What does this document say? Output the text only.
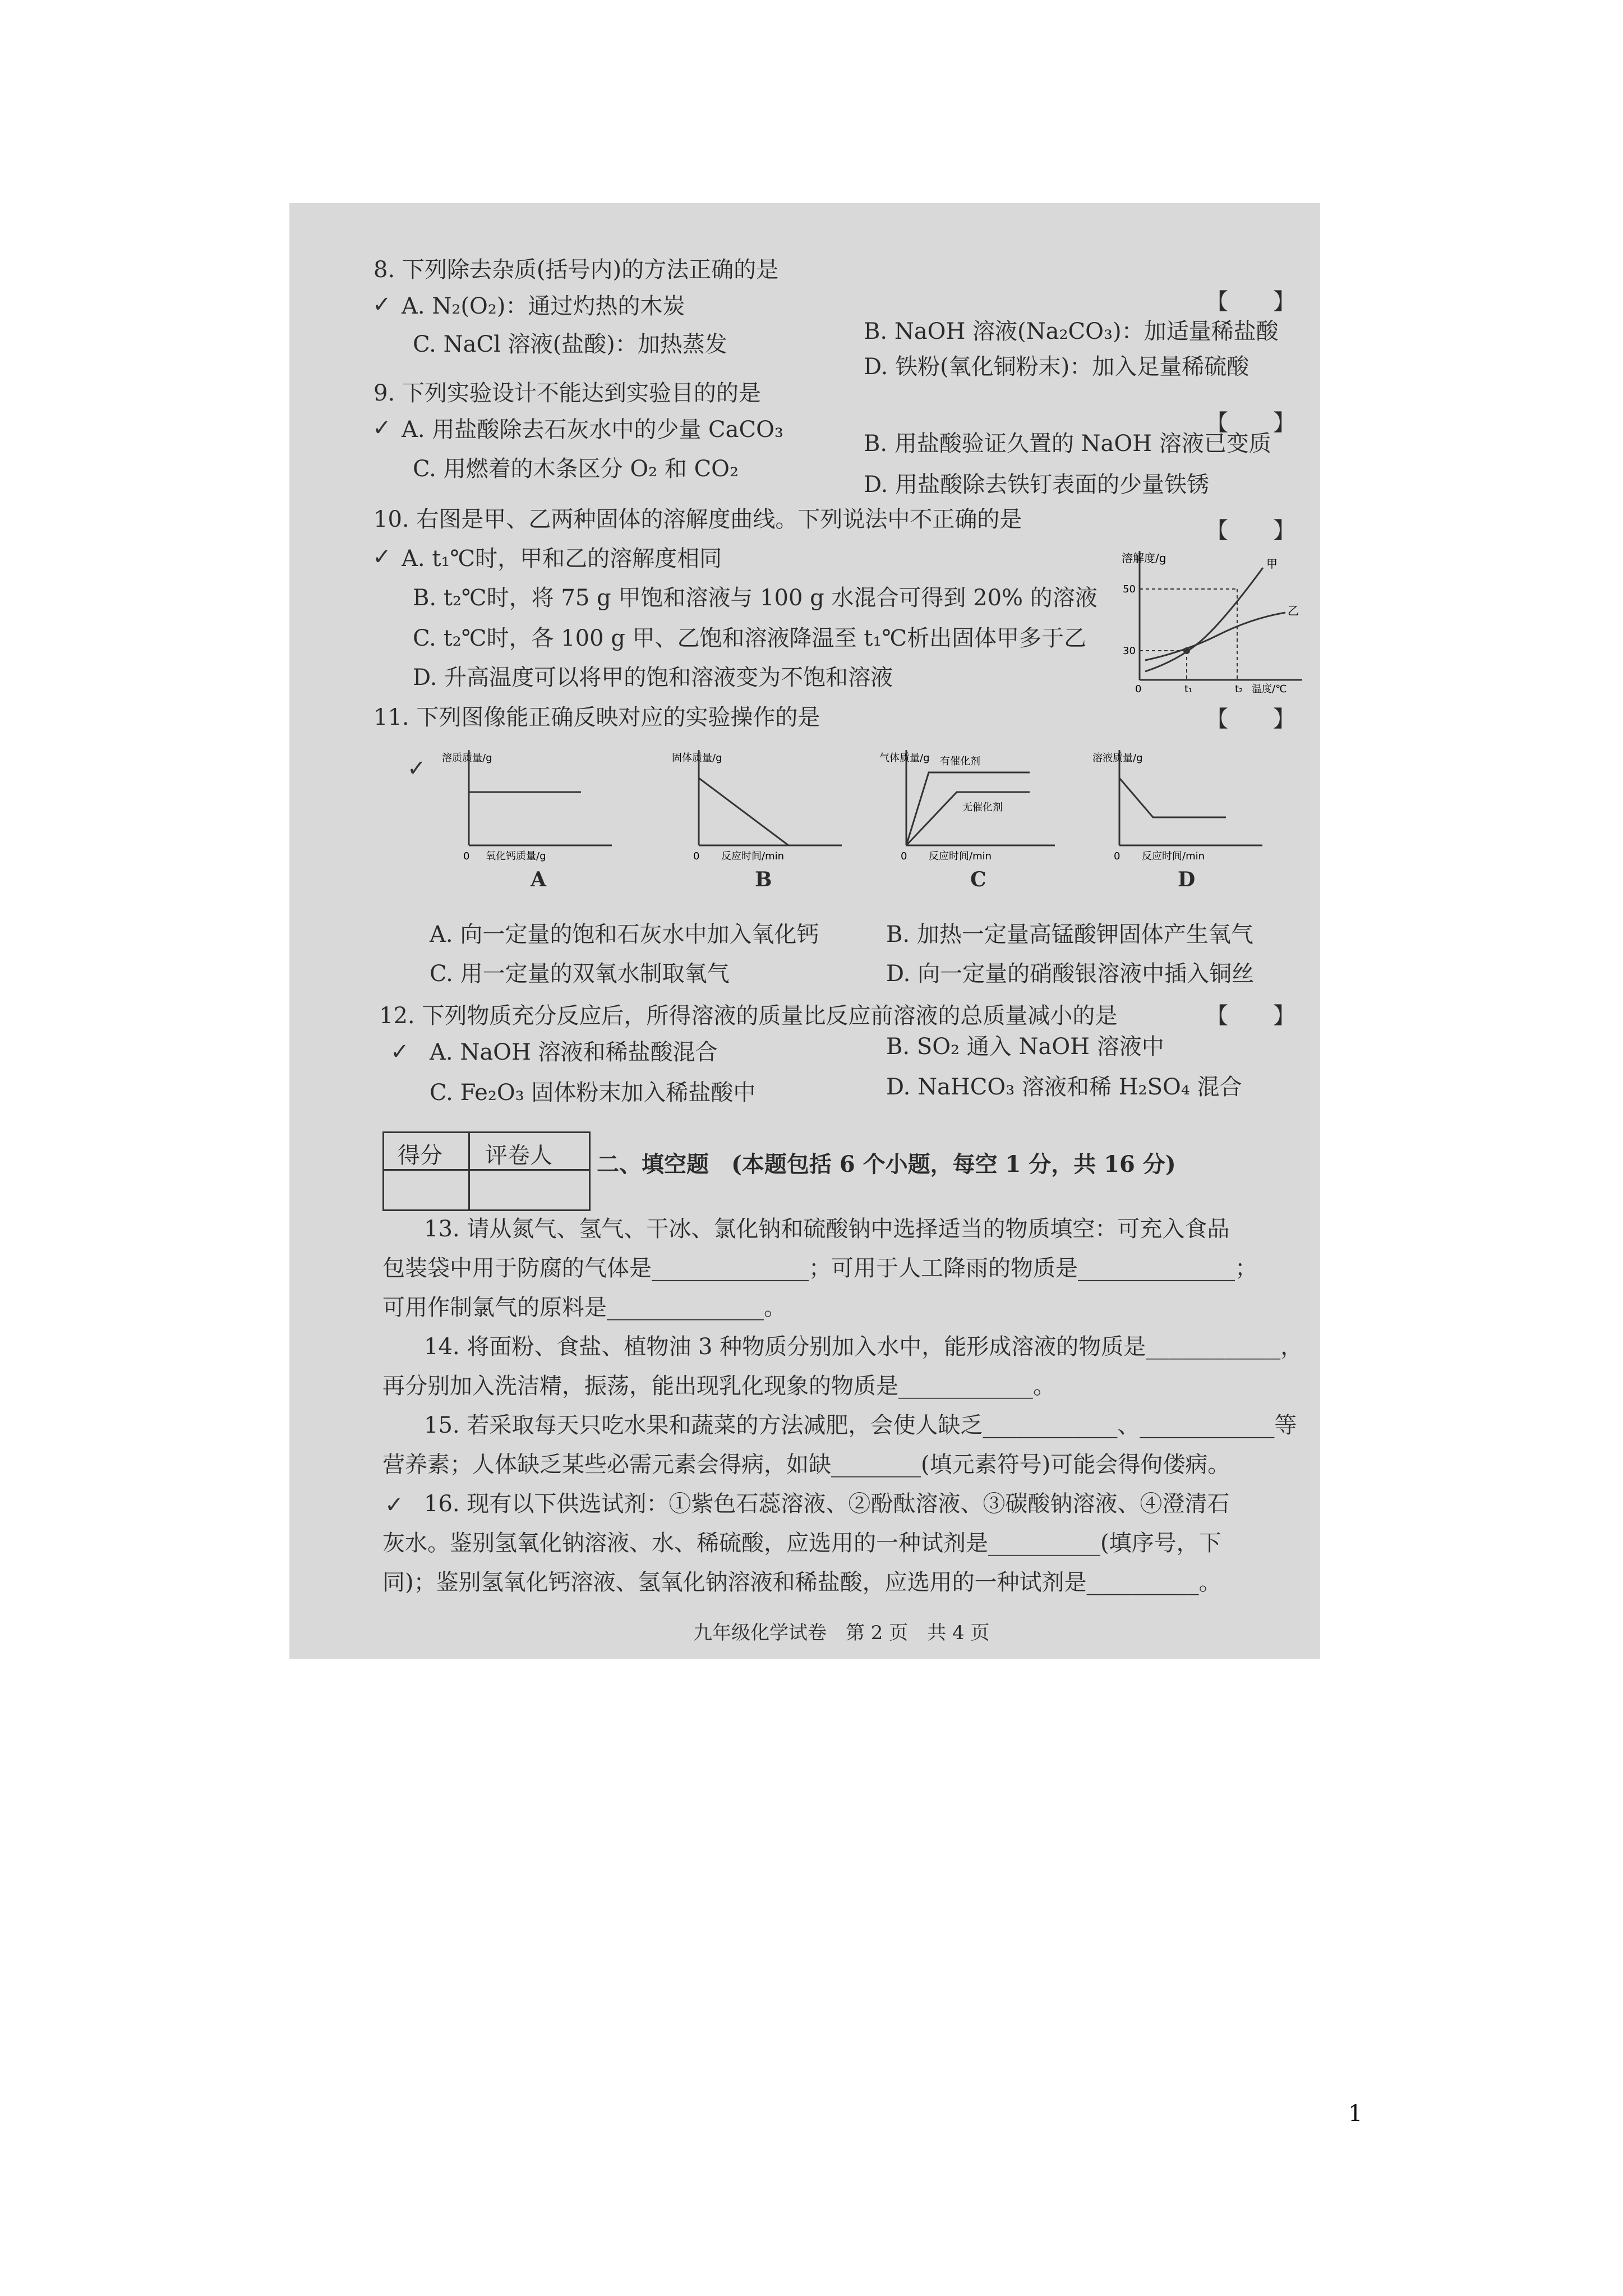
8. 下列除去杂质(括号内)的方法正确的是
【　　】
✓ A. N₂(O₂)：通过灼热的木炭
B. NaOH 溶液(Na₂CO₃)：加适量稀盐酸
C. NaCl 溶液(盐酸)：加热蒸发
D. 铁粉(氧化铜粉末)：加入足量稀硫酸
9. 下列实验设计不能达到实验目的的是
【　　】
✓ A. 用盐酸除去石灰水中的少量 CaCO₃
B. 用盐酸验证久置的 NaOH 溶液已变质
C. 用燃着的木条区分 O₂ 和 CO₂
D. 用盐酸除去铁钉表面的少量铁锈
10. 右图是甲、乙两种固体的溶解度曲线。下列说法中不正确的是	【　　】
✓ A. t₁℃时，甲和乙的溶解度相同
B. t₂℃时，将 75 g 甲饱和溶液与 100 g 水混合可得到 20% 的溶液
C. t₂℃时，各 100 g 甲、乙饱和溶液降温至 t₁℃析出固体甲多于乙
D. 升高温度可以将甲的饱和溶液变为不饱和溶液
溶解度/g
温度/℃
50
30
0	t₁	t₂
甲
乙
11. 下列图像能正确反映对应的实验操作的是	【　　】
✓ 溶质质量/g
0 氧化钙质量/g
A
固体质量/g
0 反应时间/min
B
气体质量/g 有催化剂
无催化剂
0 反应时间/min
C
溶液质量/g
0 反应时间/min
D
A. 向一定量的饱和石灰水中加入氧化钙	B. 加热一定量高锰酸钾固体产生氧气
C. 用一定量的双氧水制取氧气	D. 向一定量的硝酸银溶液中插入铜丝
12. 下列物质充分反应后，所得溶液的质量比反应前溶液的总质量减小的是	【　　】
✓ A. NaOH 溶液和稀盐酸混合	B. SO₂ 通入 NaOH 溶液中
C. Fe₂O₃ 固体粉末加入稀盐酸中	D. NaHCO₃ 溶液和稀 H₂SO₄ 混合
得分 评卷人 二、填空题　(本题包括 6 个小题，每空 1 分，共 16 分)
13. 请从氮气、氢气、干冰、氯化钠和硫酸钠中选择适当的物质填空：可充入食品
包装袋中用于防腐的气体是______________；可用于人工降雨的物质是______________；
可用作制氯气的原料是______________。
14. 将面粉、食盐、植物油 3 种物质分别加入水中，能形成溶液的物质是____________，
再分别加入洗洁精，振荡，能出现乳化现象的物质是____________。
15. 若采取每天只吃水果和蔬菜的方法减肥，会使人缺乏____________、____________等
营养素；人体缺乏某些必需元素会得病，如缺________(填元素符号)可能会得佝偻病。
✓ 16. 现有以下供选试剂：①紫色石蕊溶液、②酚酞溶液、③碳酸钠溶液、④澄清石
灰水。鉴别氢氧化钠溶液、水、稀硫酸，应选用的一种试剂是__________(填序号，下
同)；鉴别氢氧化钙溶液、氢氧化钠溶液和稀盐酸，应选用的一种试剂是__________。
九年级化学试卷　第 2 页　共 4 页
1
